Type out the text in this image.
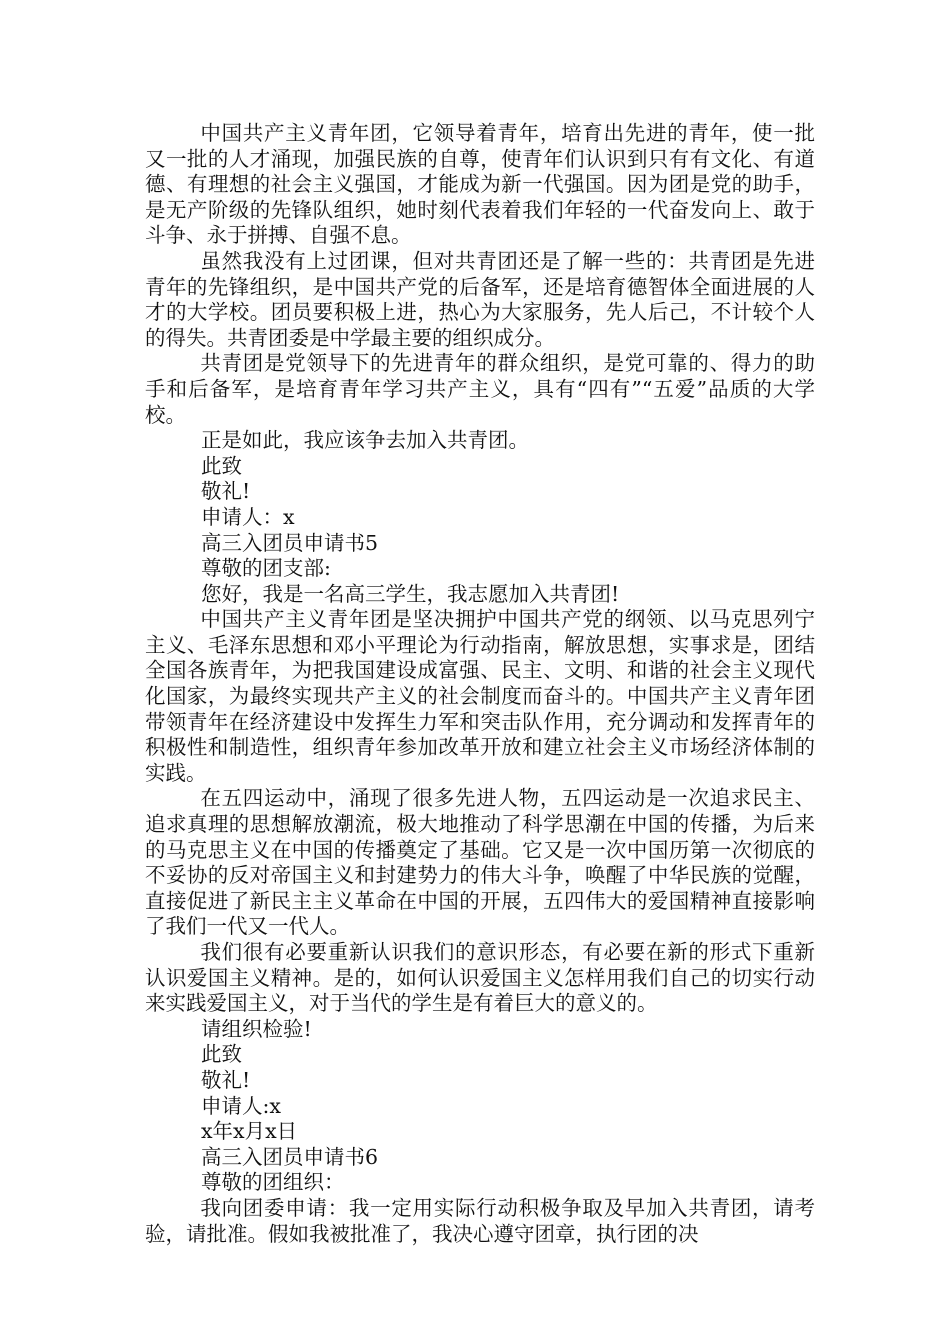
中国共产主义青年团，它领导着青年，培育出先进的青年，使一批又一批的人才涌现，加强民族的自尊，使青年们认识到只有有文化、有道德、有理想的社会主义强国，才能成为新一代强国。因为团是党的助手，是无产阶级的先锋队组织，她时刻代表着我们年轻的一代奋发向上、敢于斗争、永于拼搏、自强不息。

虽然我没有上过团课，但对共青团还是了解一些的：共青团是先进青年的先锋组织，是中国共产党的后备军，还是培育德智体全面进展的人才的大学校。团员要积极上进，热心为大家服务，先人后己，不计较个人的得失。共青团委是中学最主要的组织成分。

共青团是党领导下的先进青年的群众组织，是党可靠的、得力的助手和后备军，是培育青年学习共产主义，具有“四有”“五爱”品质的大学校。

正是如此，我应该争去加入共青团。

此致

敬礼!

申请人：x

高三入团员申请书5

尊敬的团支部:

您好，我是一名高三学生，我志愿加入共青团!

中国共产主义青年团是坚决拥护中国共产党的纲领、以马克思列宁主义、毛泽东思想和邓小平理论为行动指南，解放思想，实事求是，团结全国各族青年，为把我国建设成富强、民主、文明、和谐的社会主义现代化国家，为最终实现共产主义的社会制度而奋斗的。中国共产主义青年团带领青年在经济建设中发挥生力军和突击队作用，充分调动和发挥青年的积极性和制造性，组织青年参加改革开放和建立社会主义市场经济体制的实践。

在五四运动中，涌现了很多先进人物，五四运动是一次追求民主、追求真理的思想解放潮流，极大地推动了科学思潮在中国的传播，为后来的马克思主义在中国的传播奠定了基础。它又是一次中国历第一次彻底的不妥协的反对帝国主义和封建势力的伟大斗争，唤醒了中华民族的觉醒，直接促进了新民主主义革命在中国的开展，五四伟大的爱国精神直接影响了我们一代又一代人。

我们很有必要重新认识我们的意识形态，有必要在新的形式下重新认识爱国主义精神。是的，如何认识爱国主义怎样用我们自己的切实行动来实践爱国主义，对于当代的学生是有着巨大的意义的。

请组织检验!

此致

敬礼!

申请人:x

x年x月x日

高三入团员申请书6

尊敬的团组织：

我向团委申请：我一定用实际行动积极争取及早加入共青团，请考验，请批准。假如我被批准了，我决心遵守团章，执行团的决
